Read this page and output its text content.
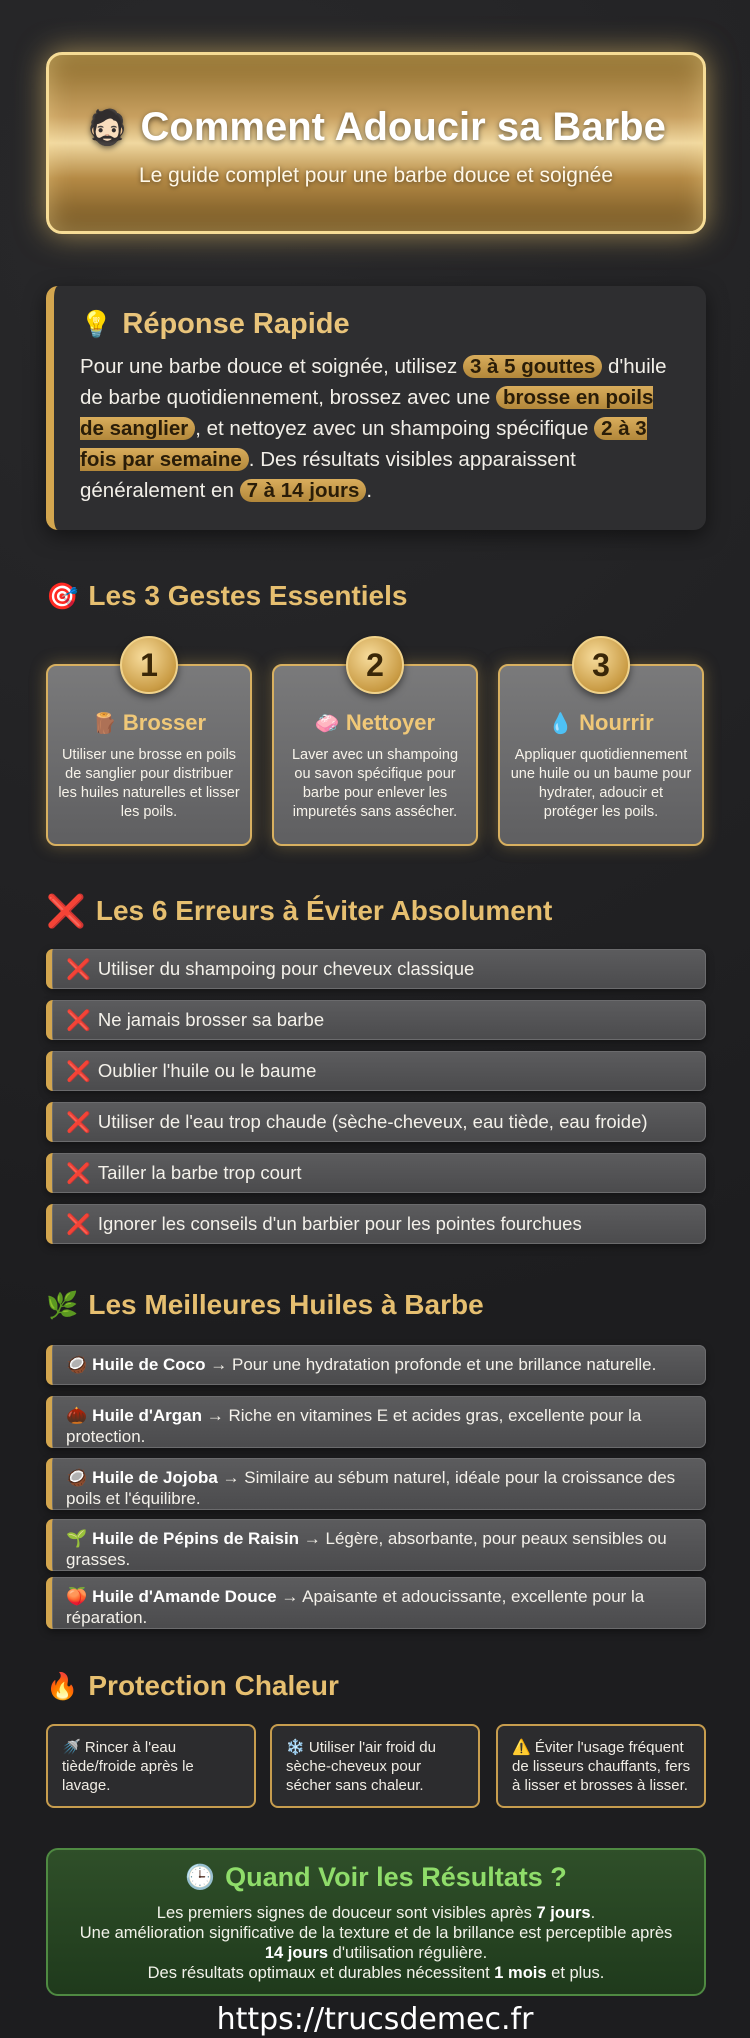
🧔🏻 Comment Adoucir sa Barbe
Le guide complet pour une barbe douce et soignée
💡 Réponse Rapide
Pour une barbe douce et soignée, utilisez 3 à 5 gouttes d'huile de barbe quotidiennement, brossez avec une brosse en poils de sanglier , et nettoyez avec un shampoing spécifique 2 à 3 fois par semaine . Des résultats visibles apparaissent généralement en 7 à 14 jours .
🎯 Les 3 Gestes Essentiels
1
🪵 Brosser
Utiliser une brosse en poils de sanglier pour distribuer les huiles naturelles et lisser les poils.
2
🧼 Nettoyer
Laver avec un shampoing ou savon spécifique pour barbe pour enlever les impuretés sans assécher.
3
💧 Nourrir
Appliquer quotidiennement une huile ou un baume pour hydrater, adoucir et protéger les poils.
❌ Les 6 Erreurs à Éviter Absolument
❌ Utiliser du shampoing pour cheveux classique
❌ Ne jamais brosser sa barbe
❌ Oublier l'huile ou le baume
❌ Utiliser de l'eau trop chaude (sèche-cheveux, eau tiède, eau froide)
❌ Tailler la barbe trop court
❌ Ignorer les conseils d'un barbier pour les pointes fourchues
🌿 Les Meilleures Huiles à Barbe
🥥 Huile de Coco → Pour une hydratation profonde et une brillance naturelle.
🌰 Huile d'Argan → Riche en vitamines E et acides gras, excellente pour la protection.
🥥 Huile de Jojoba → Similaire au sébum naturel, idéale pour la croissance des poils et l'équilibre.
🌱 Huile de Pépins de Raisin → Légère, absorbante, pour peaux sensibles ou grasses.
🍑 Huile d'Amande Douce → Apaisante et adoucissante, excellente pour la réparation.
🔥 Protection Chaleur
🚿 Rincer à l'eau tiède/froide après le lavage.
❄️ Utiliser l'air froid du sèche-cheveux pour sécher sans chaleur.
⚠️ Éviter l'usage fréquent de lisseurs chauffants, fers à lisser et brosses à lisser.
🕒 Quand Voir les Résultats ?
Les premiers signes de douceur sont visibles après 7 jours.
Une amélioration significative de la texture et de la brillance est perceptible après
14 jours d'utilisation régulière.
Des résultats optimaux et durables nécessitent 1 mois et plus.
https://trucsdemec.fr
